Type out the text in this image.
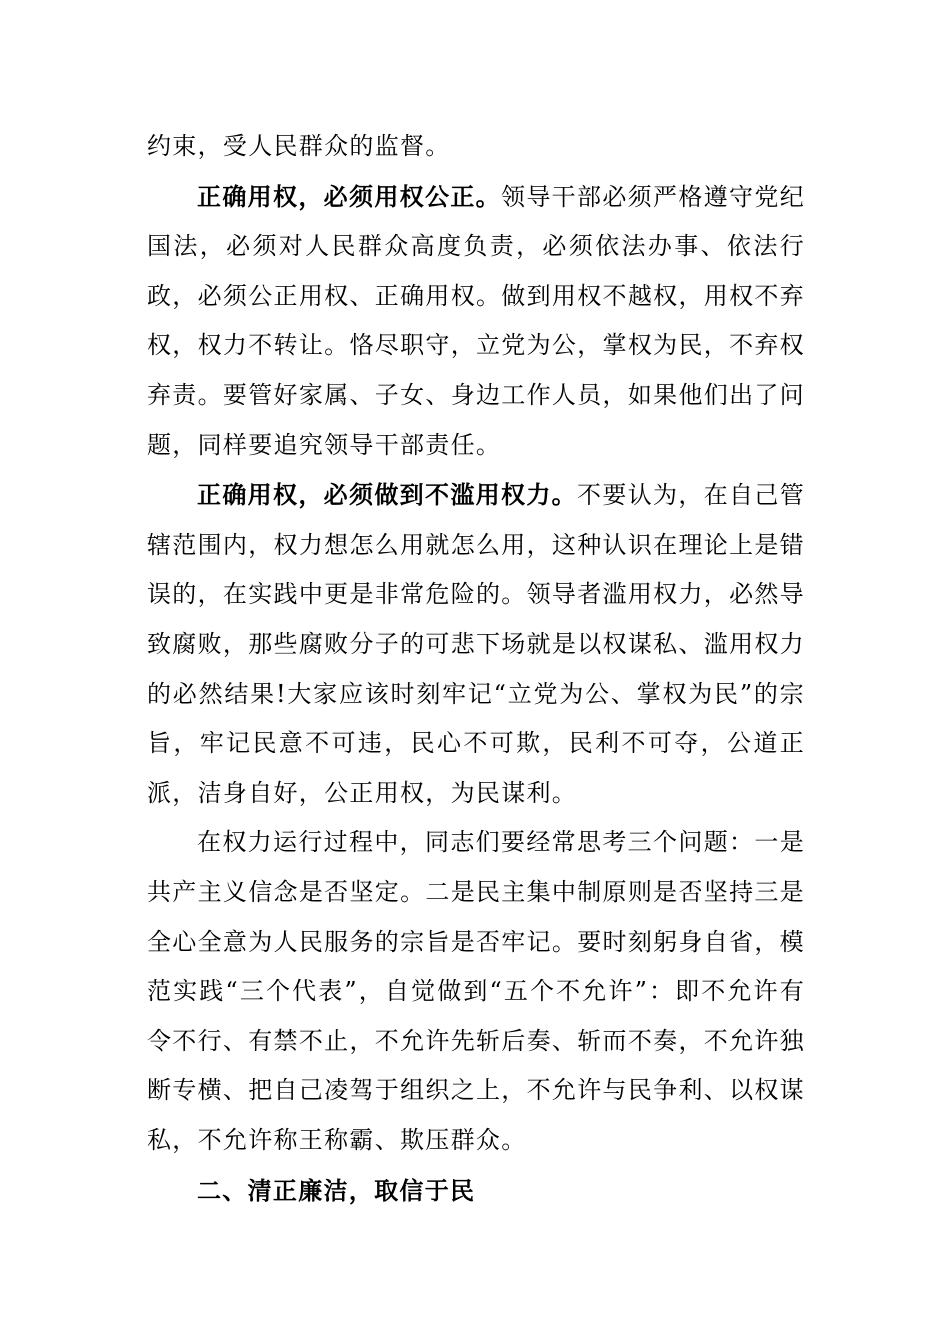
约束，受人民群众的监督。

正确用权，必须用权公正。领导干部必须严格遵守党纪国法，必须对人民群众高度负责，必须依法办事、依法行政，必须公正用权、正确用权。做到用权不越权，用权不弃权，权力不转让。恪尽职守，立党为公，掌权为民，不弃权弃责。要管好家属、子女、身边工作人员，如果他们出了问题，同样要追究领导干部责任。

正确用权，必须做到不滥用权力。不要认为，在自己管辖范围内，权力想怎么用就怎么用，这种认识在理论上是错误的，在实践中更是非常危险的。领导者滥用权力，必然导致腐败，那些腐败分子的可悲下场就是以权谋私、滥用权力的必然结果!大家应该时刻牢记“立党为公、掌权为民”的宗旨，牢记民意不可违，民心不可欺，民利不可夺，公道正派，洁身自好，公正用权，为民谋利。

在权力运行过程中，同志们要经常思考三个问题：一是共产主义信念是否坚定。二是民主集中制原则是否坚持三是全心全意为人民服务的宗旨是否牢记。要时刻躬身自省，模范实践“三个代表”，自觉做到“五个不允许”：即不允许有令不行、有禁不止，不允许先斩后奏、斩而不奏，不允许独断专横、把自己凌驾于组织之上，不允许与民争利、以权谋私，不允许称王称霸、欺压群众。

二、清正廉洁，取信于民
